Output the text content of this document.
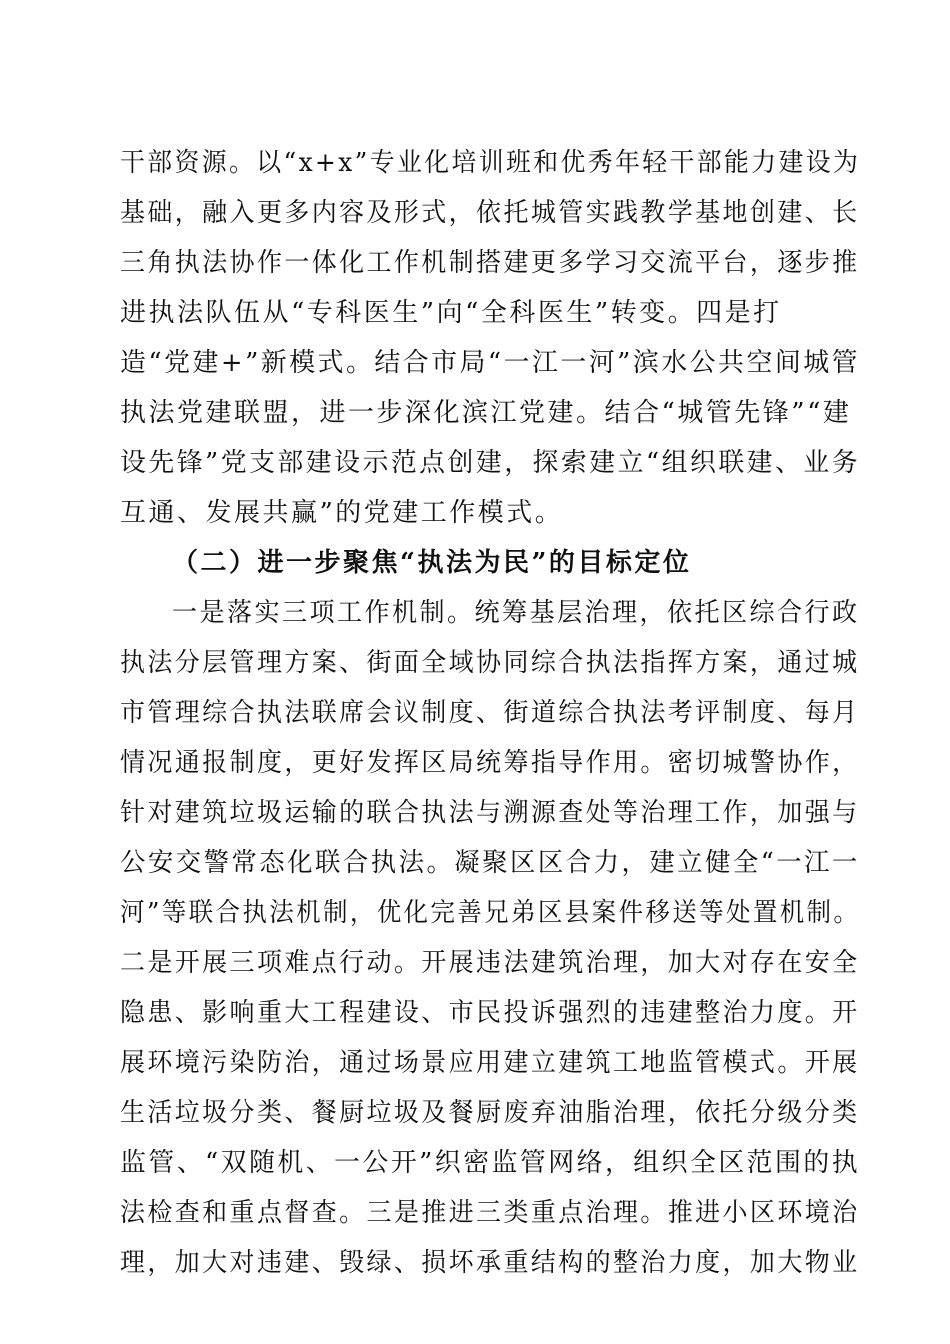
干部资源。以“x+x”专业化培训班和优秀年轻干部能力建设为
基础，融入更多内容及形式，依托城管实践教学基地创建、长
三角执法协作一体化工作机制搭建更多学习交流平台，逐步推
进执法队伍从“专科医生”向“全科医生”转变。四是打
造“党建+”新模式。结合市局“一江一河”滨水公共空间城管
执法党建联盟，进一步深化滨江党建。结合“城管先锋”“建
设先锋”党支部建设示范点创建，探索建立“组织联建、业务
互通、发展共赢”的党建工作模式。
（二）进一步聚焦“执法为民”的目标定位
一是落实三项工作机制。统筹基层治理，依托区综合行政
执法分层管理方案、街面全域协同综合执法指挥方案，通过城
市管理综合执法联席会议制度、街道综合执法考评制度、每月
情况通报制度，更好发挥区局统筹指导作用。密切城警协作，
针对建筑垃圾运输的联合执法与溯源查处等治理工作，加强与
公安交警常态化联合执法。凝聚区区合力，建立健全“一江一
河”等联合执法机制，优化完善兄弟区县案件移送等处置机制。
二是开展三项难点行动。开展违法建筑治理，加大对存在安全
隐患、影响重大工程建设、市民投诉强烈的违建整治力度。开
展环境污染防治，通过场景应用建立建筑工地监管模式。开展
生活垃圾分类、餐厨垃圾及餐厨废弃油脂治理，依托分级分类
监管、“双随机、一公开”织密监管网络，组织全区范围的执
法检查和重点督查。三是推进三类重点治理。推进小区环境治
理，加大对违建、毁绿、损坏承重结构的整治力度，加大物业
